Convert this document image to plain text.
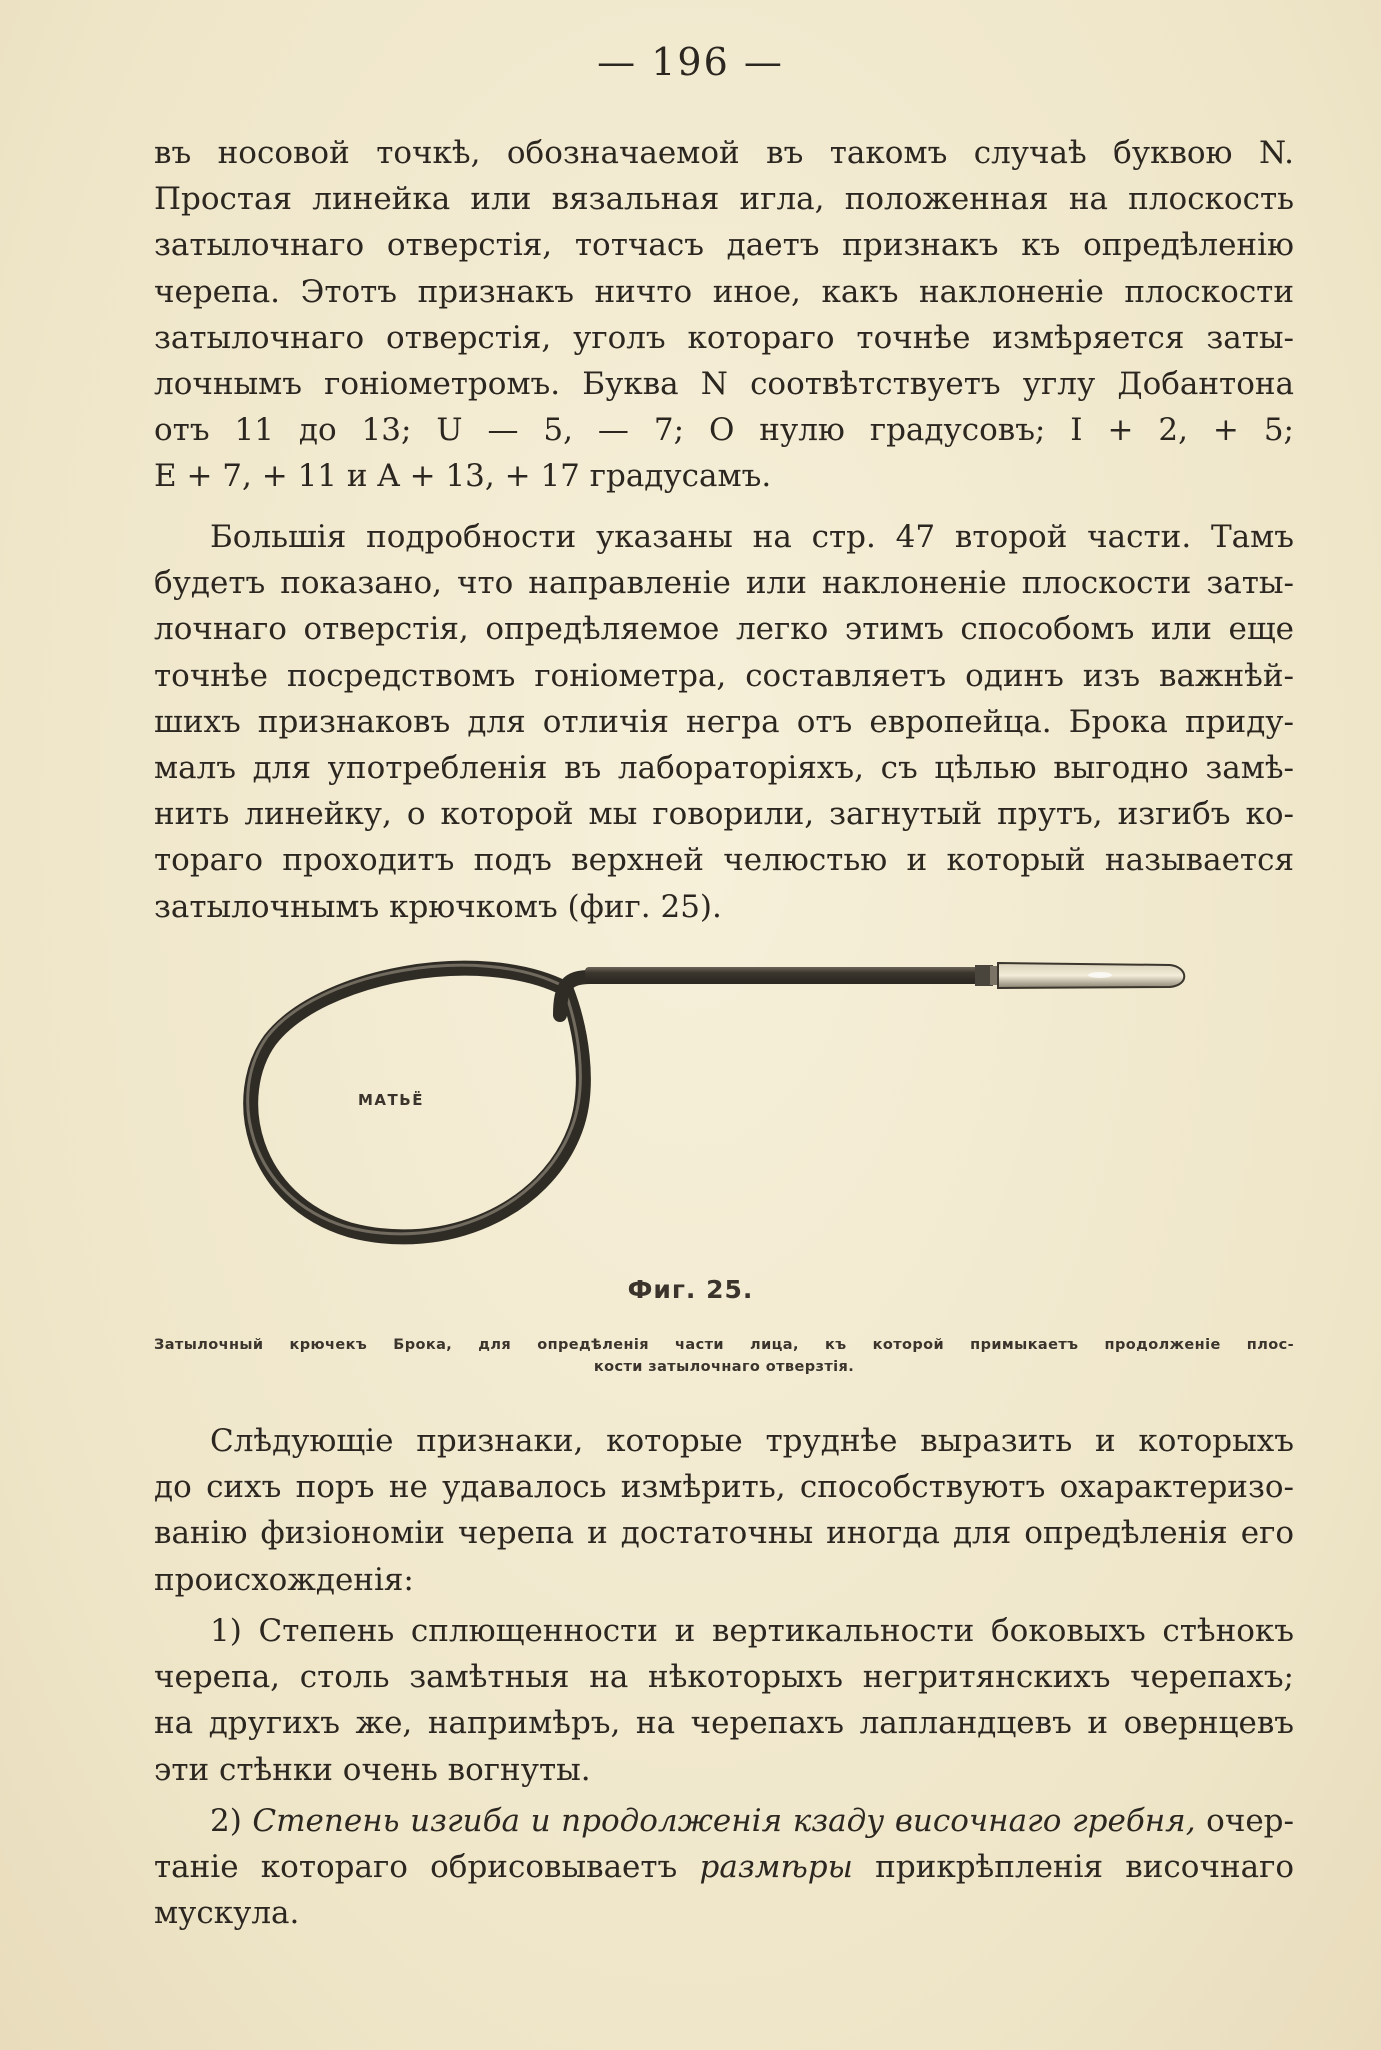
— 196 —
въ носовой точкѣ, обозначаемой въ такомъ случаѣ буквою N.
Простая линейка или вязальная игла, положенная на плоскость
затылочнаго отверстія, тотчасъ даетъ признакъ къ опредѣленію
черепа. Этотъ признакъ ничто иное, какъ наклоненіе плоскости
затылочнаго отверстія, уголъ котораго точнѣе измѣряется заты-
лочнымъ гоніометромъ. Буква N соотвѣтствуетъ углу Добантона
отъ 11 до 13; U — 5, — 7; O нулю градусовъ; I + 2, + 5;
E + 7, + 11 и A + 13, + 17 градусамъ.
Большія подробности указаны на стр. 47 второй части. Тамъ
будетъ показано, что направленіе или наклоненіе плоскости заты-
лочнаго отверстія, опредѣляемое легко этимъ способомъ или еще
точнѣе посредствомъ гоніометра, составляетъ одинъ изъ важнѣй-
шихъ признаковъ для отличія негра отъ европейца. Брока приду-
малъ для употребленія въ лабораторіяхъ, съ цѣлью выгодно замѣ-
нить линейку, о которой мы говорили, загнутый прутъ, изгибъ ко-
тораго проходитъ подъ верхней челюстью и который называется
затылочнымъ крючкомъ (фиг. 25).
МАТЬЁ
Фиг. 25.
Затылочный крючекъ Брока, для опредѣленія части лица, къ которой примыкаетъ продолженіе плос-
кости затылочнаго отверзтія.
Слѣдующіе признаки, которые труднѣе выразить и которыхъ
до сихъ поръ не удавалось измѣрить, способствуютъ охарактеризо-
ванію физіономіи черепа и достаточны иногда для опредѣленія его
происхожденія:
1) Степень сплющенности и вертикальности боковыхъ стѣнокъ
черепа, столь замѣтныя на нѣкоторыхъ негритянскихъ черепахъ;
на другихъ же, напримѣръ, на черепахъ лапландцевъ и овернцевъ
эти стѣнки очень вогнуты.
2) Степень изгиба и продолженія кзаду височнаго гребня, очер-
таніе котораго обрисовываетъ размѣры прикрѣпленія височнаго
мускула.
